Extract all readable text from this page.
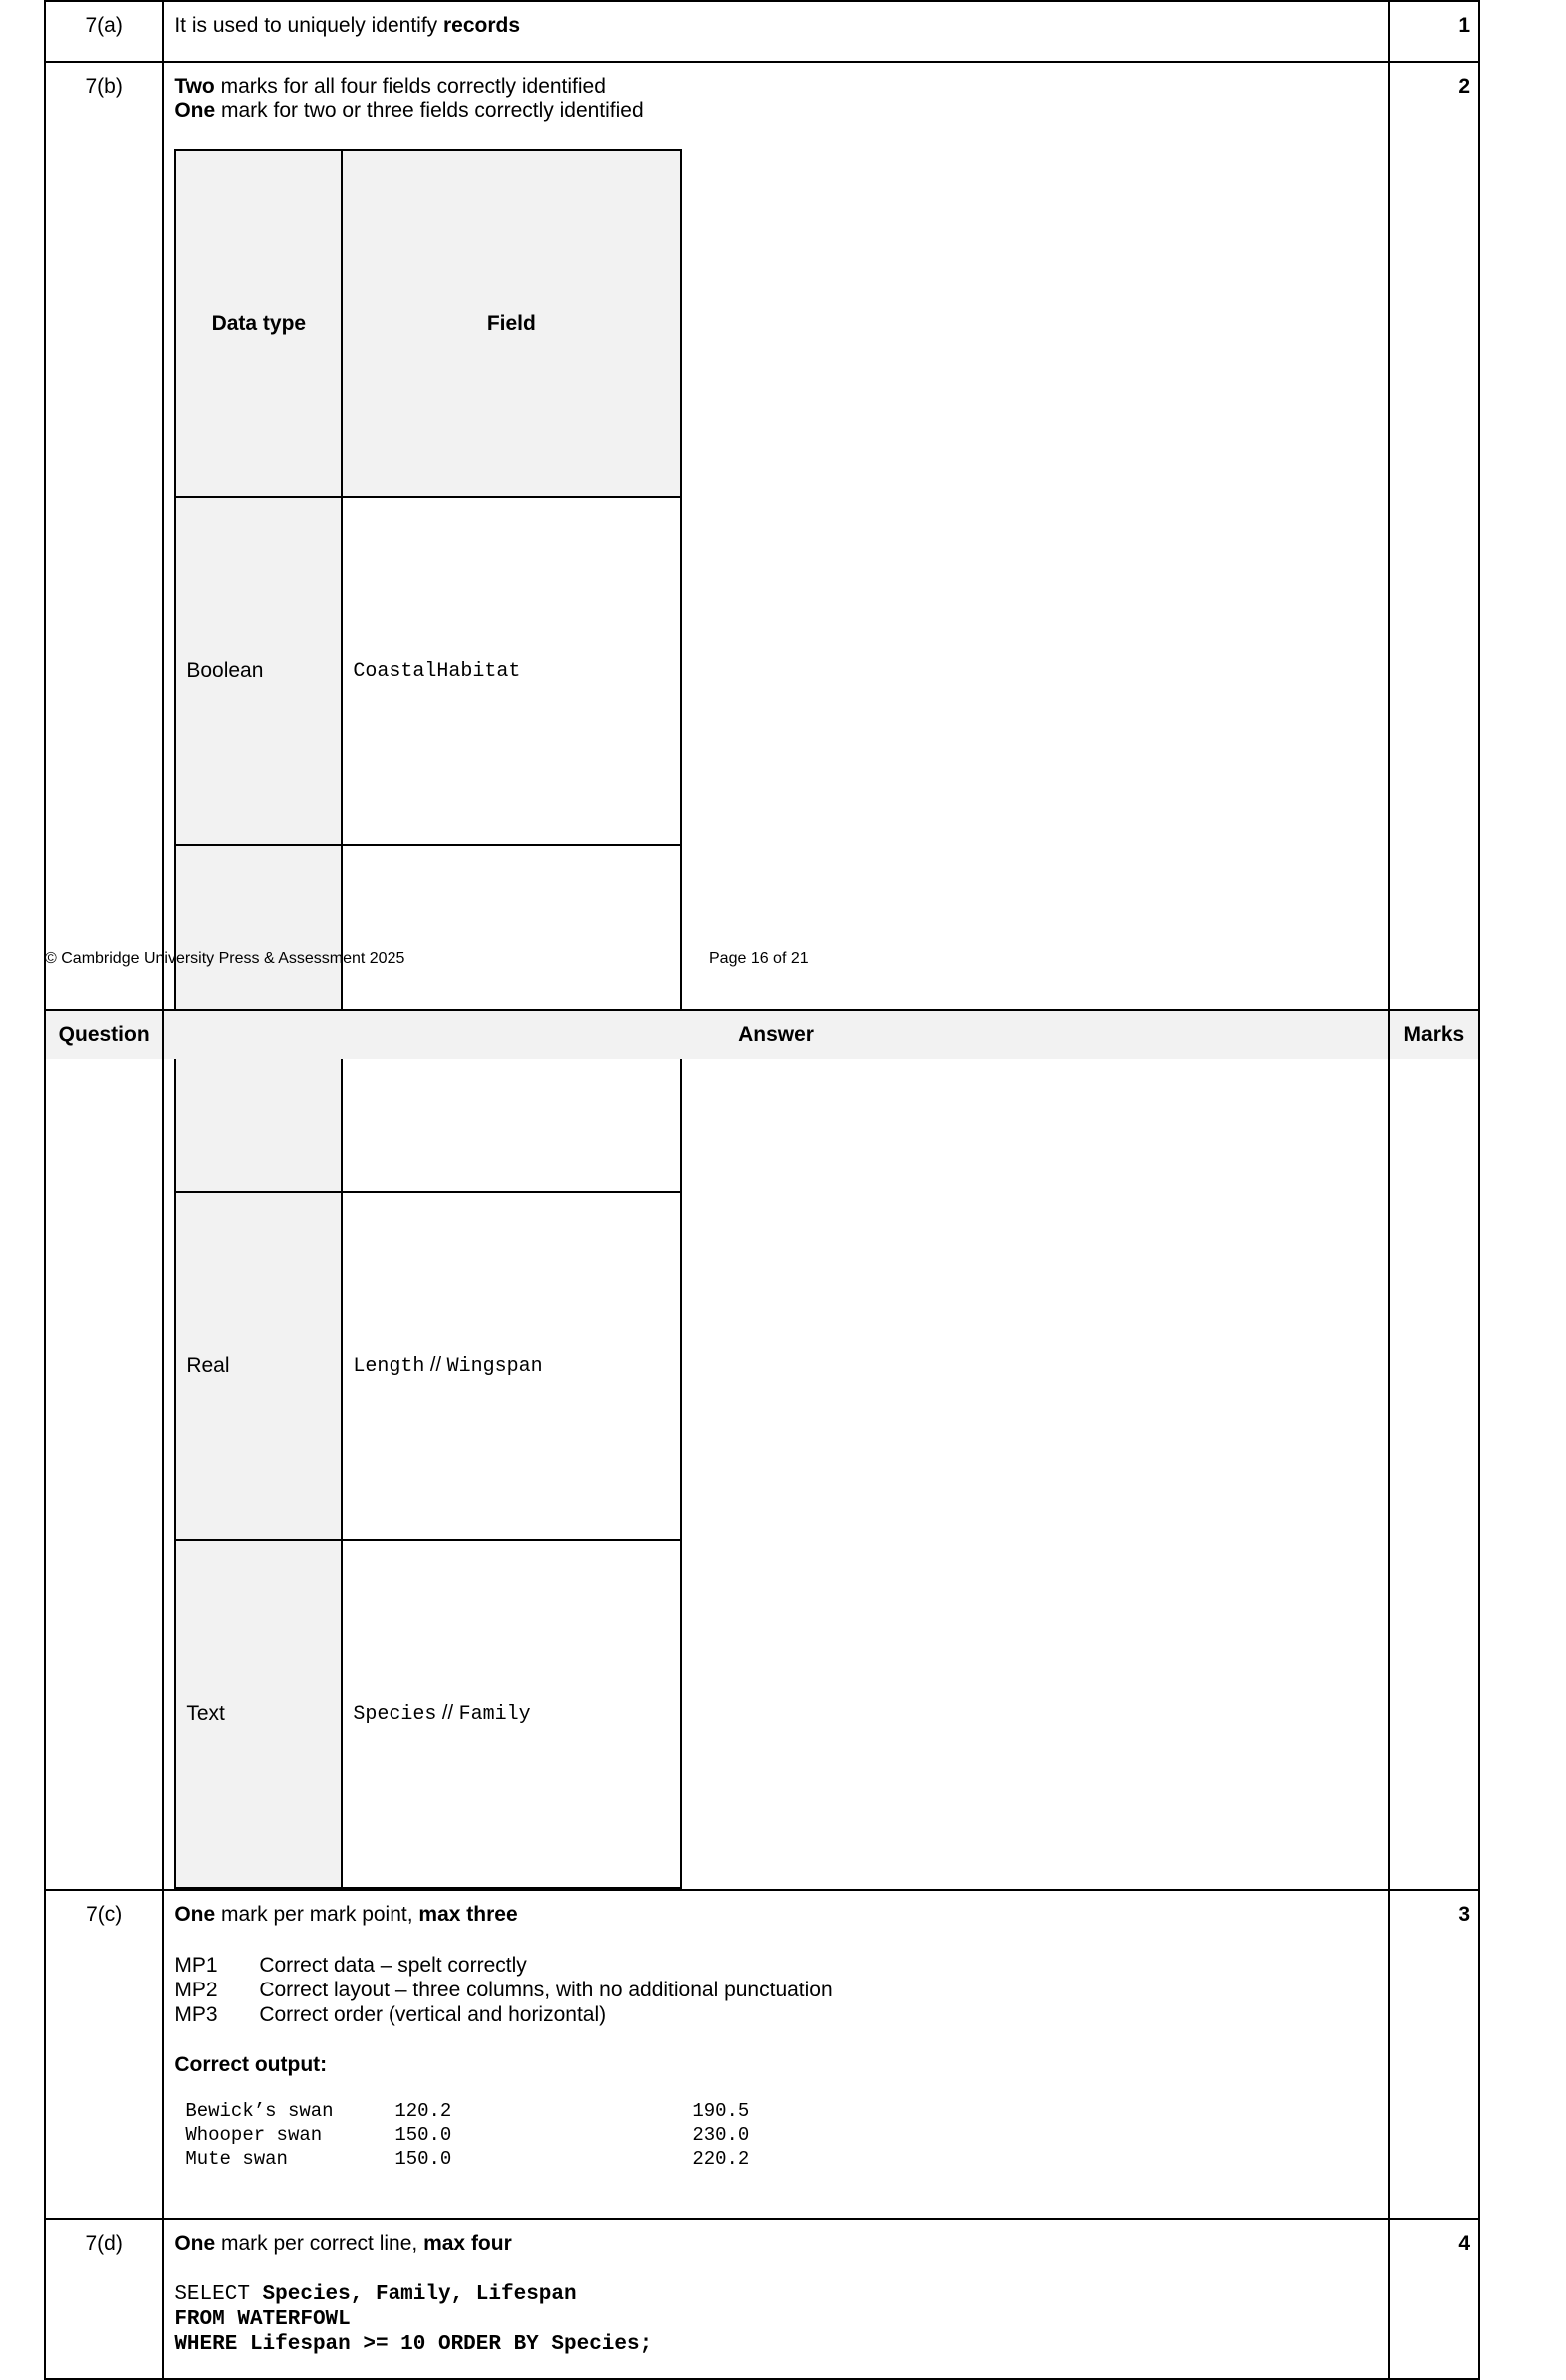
7(a)	It is used to uniquely identify records	1
7(b)	Two marks for all four fields correctly identified
One mark for two or three fields correctly identified
Data type	Field
Boolean	CoastalHabitat

Real	Length // Wingspan
Text	Species // Family
	2
7(c)	One mark per mark point, max three
MP1	Correct data – spelt correctly
MP2	Correct layout – three columns, with no additional punctuation
MP3	Correct order (vertical and horizontal)
Correct output:
Bewick’s swan	120.2	190.5
Whooper swan	150.0	230.0
Mute swan	150.0	220.2
	3
7(d)	One mark per correct line, max four
SELECT Species, Family, Lifespan
FROM WATERFOWL
WHERE Lifespan >= 10 ORDER BY Species;
	4
© Cambridge University Press & Assessment 2025	Page 16 of 21
Question	Answer	Marks
